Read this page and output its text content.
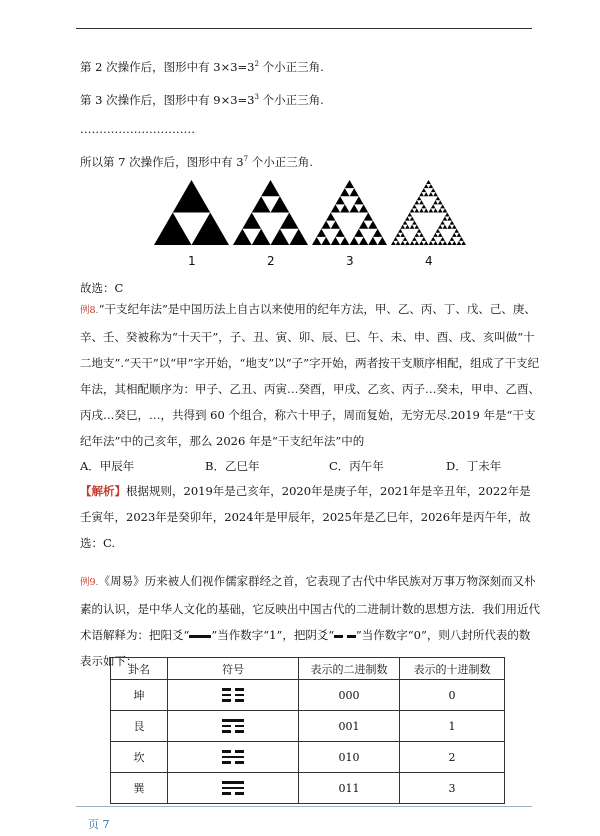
第 2 次操作后，图形中有 $3\times 3=3^2$ 个小正三角.
第 3 次操作后，图形中有 $9\times 3=3^3$ 个小正三角.
…………………………
所以第 7 次操作后，图形中有 $3^7$ 个小正三角.
1	2	3	4
故选：C
例8.“干支纪年法”是中国历法上自古以来使用的纪年方法，甲、乙、丙、丁、戊、己、庚、辛、壬、癸被称为“十天干”，子、丑、寅、卯、辰、巳、午、未、申、酉、戌、亥叫做“十二地支”.“天干”以“甲”字开始，“地支”以“子”字开始，两者按干支顺序相配，组成了干支纪年法，其相配顺序为：甲子、乙丑、丙寅…癸酉，甲戌、乙亥、丙子…癸未，甲申、乙酉、丙戌…癸巳，…，共得到 60 个组合，称六十甲子，周而复始，无穷无尽.2019 年是“干支纪年法”中的己亥年，那么 2026 年是“干支纪年法”中的
A．甲辰年	B．乙巳年	C．丙午年	D．丁未年
【解析】根据规则，2019年是己亥年，2020年是庚子年，2021年是辛丑年，2022年是壬寅年，2023年是癸卯年，2024年是甲辰年，2025年是乙巳年，2026年是丙午年，故选：C.
例9.《周易》历来被人们视作儒家群经之首，它表现了古代中华民族对万事万物深刻而又朴素的认识，是中华人文化的基础，它反映出中国古代的二进制计数的思想方法．我们用近代术语解释为：把阳爻“ ”当作数字“1”，把阴爻“ ”当作数字“0”，则八封所代表的数表示如下：
卦名	符号	表示的二进制数	表示的十进制数
坤		000	0
艮		001	1
坎		010	2
巽		011	3
页 7
